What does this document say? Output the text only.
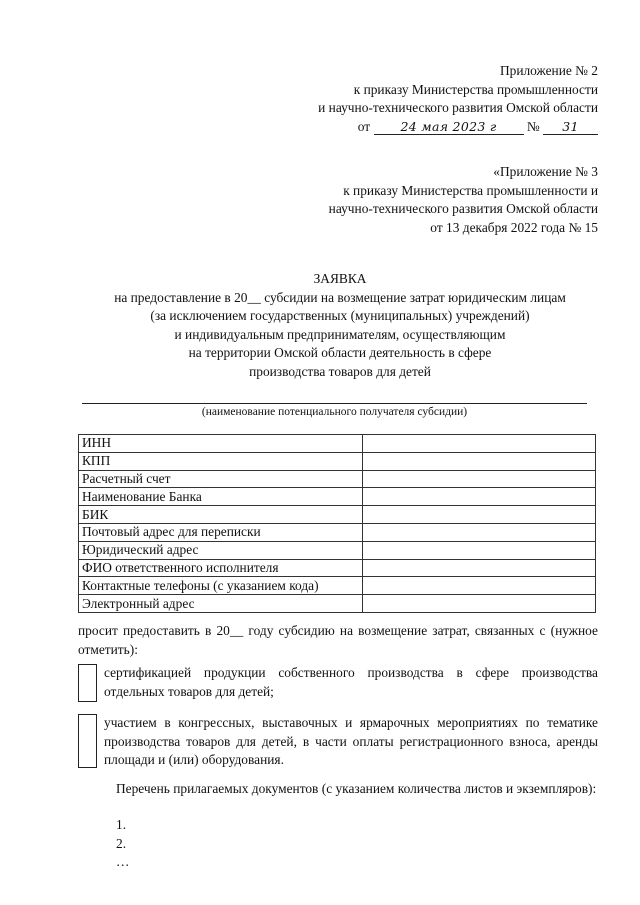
Приложение № 2
к приказу Министерства промышленности
и научно-технического развития Омской области
от 24 мая 2023 г № 31
«Приложение № 3
к приказу Министерства промышленности и
научно-технического развития Омской области
от 13 декабря 2022 года № 15
ЗАЯВКА
на предоставление в 20__ субсидии на возмещение затрат юридическим лицам
(за исключением государственных (муниципальных) учреждений)
и индивидуальным предпринимателям, осуществляющим
на территории Омской области деятельность в сфере
производства товаров для детей
(наименование потенциального получателя субсидии)
ИНН	
КПП	
Расчетный счет	
Наименование Банка	
БИК	
Почтовый адрес для переписки	
Юридический адрес	
ФИО ответственного исполнителя	
Контактные телефоны (с указанием кода)	
Электронный адрес	
просит предоставить в 20__ году субсидию на возмещение затрат, связанных с (нужное отметить):
сертификацией продукции собственного производства в сфере производства отдельных товаров для детей;
участием в конгрессных, выставочных и ярмарочных мероприятиях по тематике производства товаров для детей, в части оплаты регистрационного взноса, аренды площади и (или) оборудования.
Перечень прилагаемых документов (с указанием количества листов и экземпляров):
1.
2.
…
